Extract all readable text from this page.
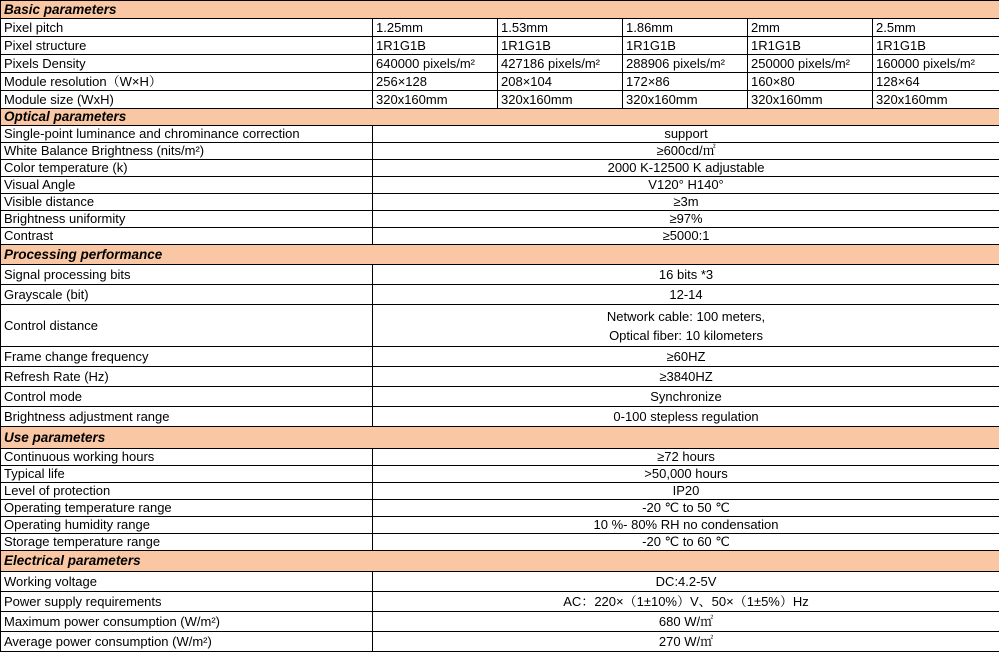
Basic parameters					
Pixel pitch	1.25mm	1.53mm	1.86mm	2mm	2.5mm
Pixel structure	1R1G1B	1R1G1B	1R1G1B	1R1G1B	1R1G1B
Pixels Density	640000 pixels/m²	427186 pixels/m²	288906 pixels/m²	250000 pixels/m²	160000 pixels/m²
Module resolution（W×H）	256×128	208×104	172×86	160×80	128×64
Module size (WxH)	320x160mm	320x160mm	320x160mm	320x160mm	320x160mm
Optical parameters					
Single-point luminance and chrominance correction	support				
White Balance Brightness (nits/m²)	≥600cd/㎡				
Color temperature (k)	2000 K-12500 K adjustable				
Visual Angle	V120° H140°				
Visible distance	≥3m				
Brightness uniformity	≥97%				
Contrast	≥5000:1				
Processing performance					
Signal processing bits	16 bits *3				
Grayscale (bit)	12-14				
Control distance	Network cable: 100 meters,
Optical fiber: 10 kilometers				

Frame change frequency	≥60HZ				
Refresh Rate (Hz)	≥3840HZ				
Control mode	Synchronize				
Brightness adjustment range	0-100 stepless regulation				
Use parameters					
Continuous working hours	≥72 hours				
Typical life	>50,000 hours				
Level of protection	IP20				
Operating temperature range	-20 ℃ to 50 ℃				
Operating humidity range	10 %- 80% RH no condensation				
Storage temperature range	-20 ℃ to 60 ℃				
Electrical parameters					
Working voltage	DC:4.2-5V				
Power supply requirements	AC：220×（1±10%）V、50×（1±5%）Hz				
Maximum power consumption (W/m²)	680 W/㎡				
Average power consumption (W/m²)	270 W/㎡				
